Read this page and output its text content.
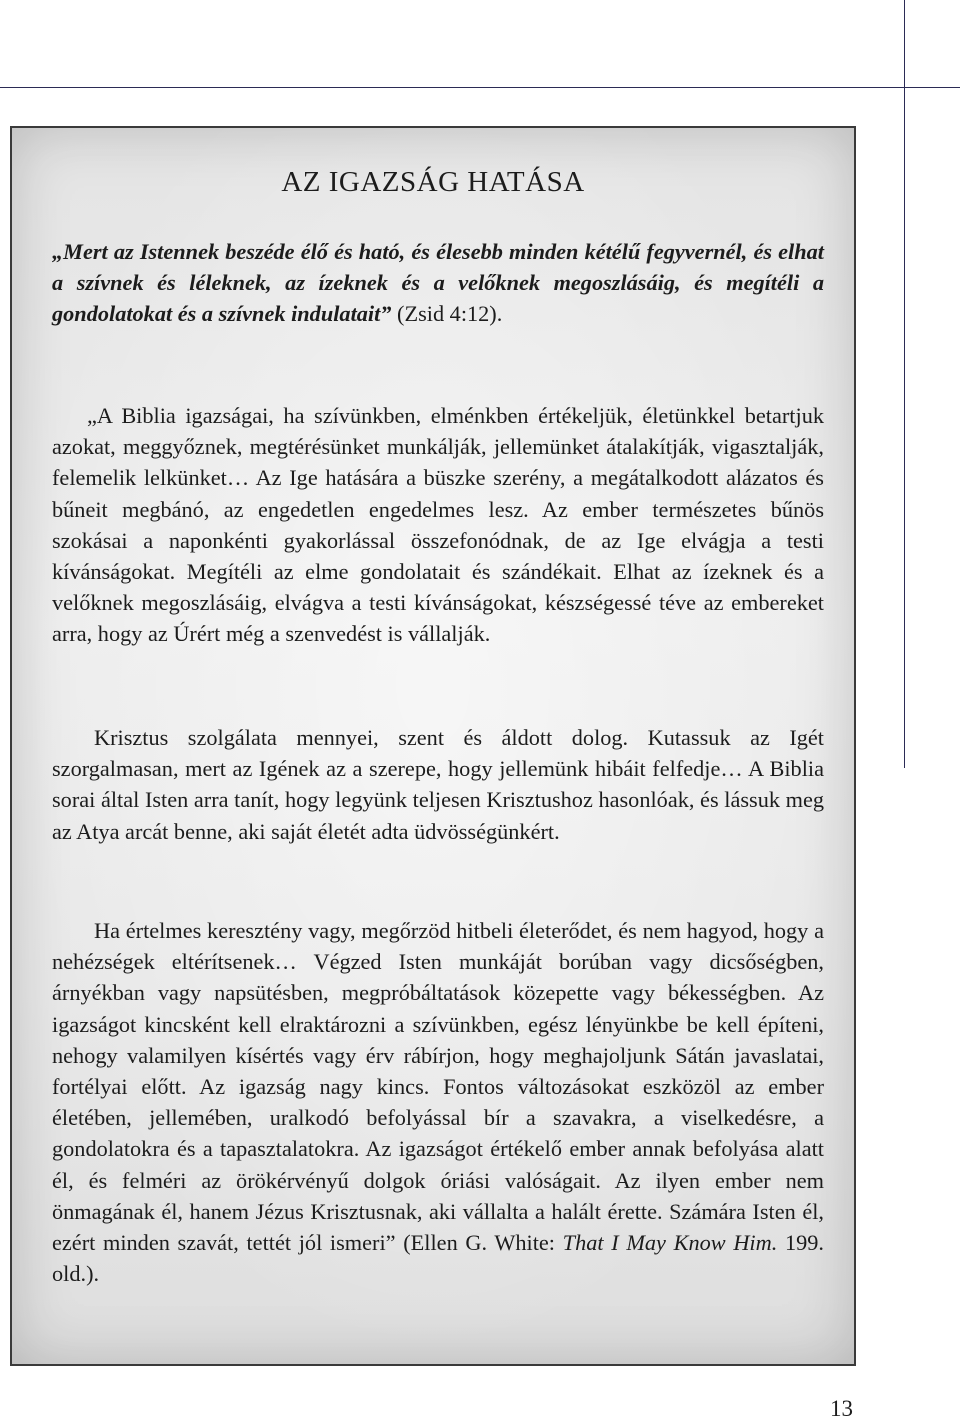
AZ IGAZSÁG HATÁSA

„Mert az Istennek beszéde élő és ható, és élesebb minden kétélű fegyvernél, és elhat a szívnek és léleknek, az ízeknek és a velőknek megoszlásáig, és megítéli a gondolatokat és a szívnek indulatait” (Zsid 4:12).

„A Biblia igazságai, ha szívünkben, elménkben értékeljük, életünkkel betartjuk azokat, meggyőznek, megtérésünket munkálják, jellemünket átalakítják, vigasztalják, felemelik lelkünket… Az Ige hatására a büszke szerény, a megátalkodott alázatos és bűneit megbánó, az engedetlen engedelmes lesz. Az ember természetes bűnös szokásai a naponkénti gyakorlással összefonódnak, de az Ige elvágja a testi kívánságokat. Megítéli az elme gondolatait és szándékait. Elhat az ízeknek és a velőknek megoszlásáig, elvágva a testi kívánságokat, készségessé téve az embereket arra, hogy az Úrért még a szenvedést is vállalják.

Krisztus szolgálata mennyei, szent és áldott dolog. Kutassuk az Igét szorgalmasan, mert az Igének az a szerepe, hogy jellemünk hibáit felfedje… A Biblia sorai által Isten arra tanít, hogy legyünk teljesen Krisztushoz hasonlóak, és lássuk meg az Atya arcát benne, aki saját életét adta üdvösségünkért.

Ha értelmes keresztény vagy, megőrzöd hitbeli életerődet, és nem hagyod, hogy a nehézségek eltérítsenek… Végzed Isten munkáját borúban vagy dicsőségben, árnyékban vagy napsütésben, megpróbáltatások közepette vagy békességben. Az igazságot kincsként kell elraktározni a szívünkben, egész lényünkbe be kell építeni, nehogy valamilyen kísértés vagy érv rábírjon, hogy meghajoljunk Sátán javaslatai, fortélyai előtt. Az igazság nagy kincs. Fontos változásokat eszközöl az ember életében, jellemében, uralkodó befolyással bír a szavakra, a viselkedésre, a gondolatokra és a tapasztalatokra. Az igazságot értékelő ember annak befolyása alatt él, és felméri az örökérvényű dolgok óriási valóságait. Az ilyen ember nem önmagának él, hanem Jézus Krisztusnak, aki vállalta a halált érette. Számára Isten él, ezért minden szavát, tettét jól ismeri” (Ellen G. White: That I May Know Him. 199. old.).

13
